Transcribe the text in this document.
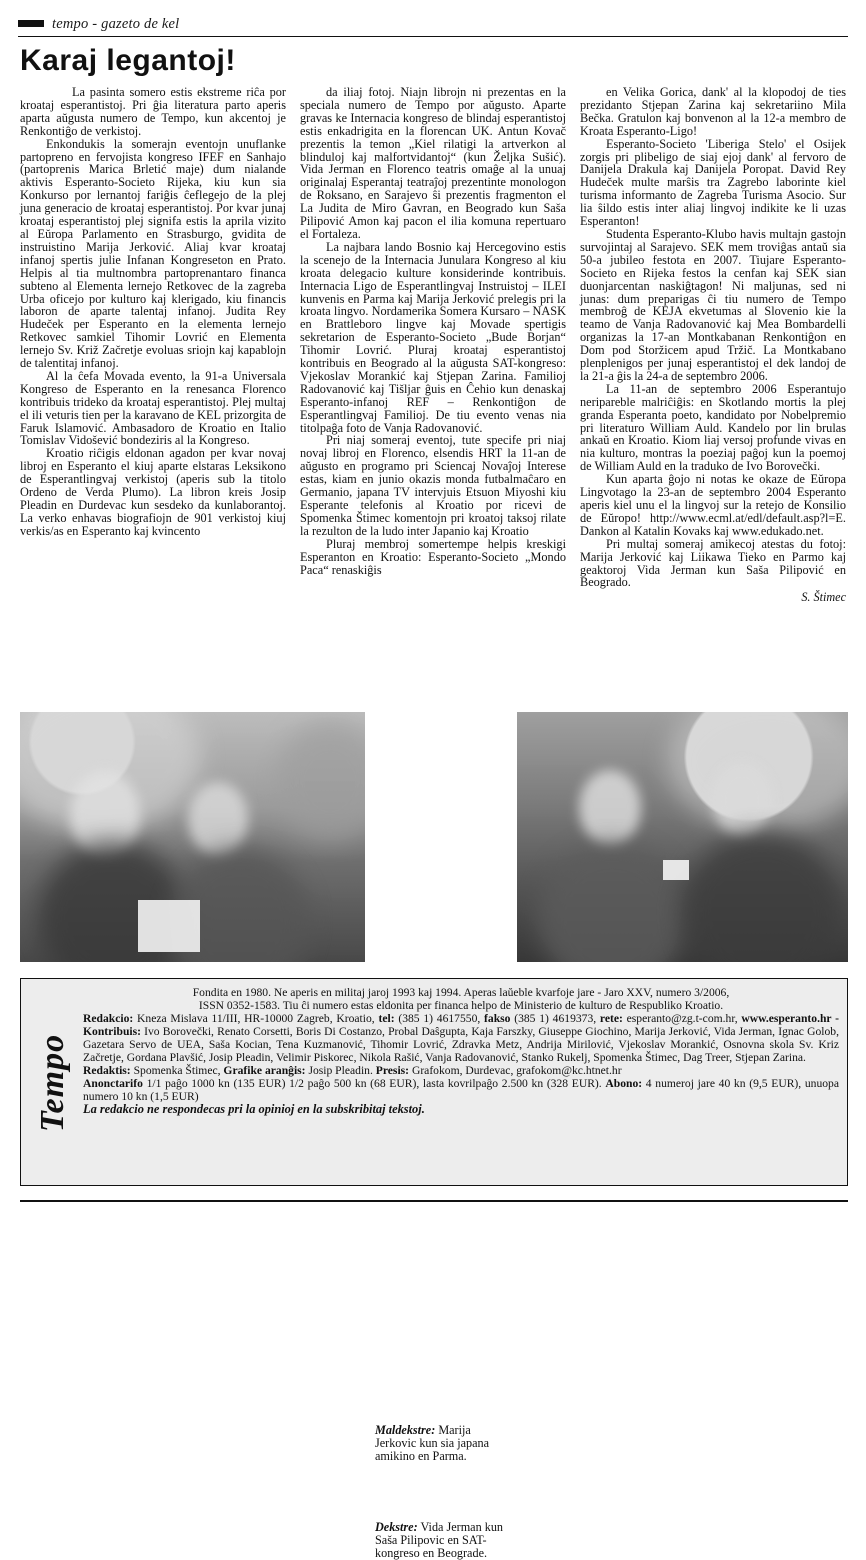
tempo - gazeto de kel
Karaj legantoj!

La pasinta somero estis ekstreme riĉa por kroataj esperantistoj. Pri ĝia literatura parto aperis aparta aŭgusta numero de Tempo, kun akcentoj je Renkontiĝo de verkistoj.

Enkondukis la somerajn eventojn unuflanke partopreno en fervojista kongreso IFEF en Sanhajo (partoprenis Marica Brletić maje) dum nialande aktivis Esperanto-Societo Rijeka, kiu kun sia Konkurso por lernantoj fariĝis ĉeflegejo de la plej juna generacio de kroataj esperantistoj. Por kvar junaj kroataj esperantistoj plej signifa estis la aprila vizito al Eŭropa Parlamento en Strasburgo, gvidita de instruistino Marija Jerković. Aliaj kvar kroataj infanoj spertis julie Infanan Kongreseton en Prato. Helpis al tia multnombra partoprenantaro financa subteno al Elementa lernejo Retkovec de la zagreba Urba oficejo por kulturo kaj klerigado, kiu financis laboron de aparte talentaj infanoj. Judita Rey Hudeček per Esperanto en la elementa lernejo Retkovec samkiel Tihomir Lovrić en Elementa lernejo Sv. Križ Začretje evoluas sriojn kaj kapablojn de talentitaj infanoj.

Al la ĉefa Movada evento, la 91-a Universala Kongreso de Esperanto en la renesanca Florenco kontribuis trideko da kroataj esperantistoj. Plej multaj el ili veturis tien per la karavano de KEL prizorgita de Faruk Islamović. Ambasadoro de Kroatio en Italio Tomislav Vidošević bondeziris al la Kongreso.

Kroatio riĉigis eldonan agadon per kvar novaj libroj en Esperanto el kiuj aparte elstaras Leksikono de Esperantlingvaj verkistoj (aperis sub la titolo Ordeno de Verda Plumo). La libron kreis Josip Pleadin en Durdevac kun sesdeko da kunlaborantoj. La verko enhavas biografiojn de 901 verkistoj kiuj verkis/as en Esperanto kaj kvincento

da iliaj fotoj. Niajn librojn ni prezentas en la speciala numero de Tempo por aŭgusto. Aparte gravas ke Internacia kongreso de blindaj esperantistoj estis enkadrigita en la florencan UK. Antun Kovač prezentis la temon „Kiel rilatigi la artverkon al blinduloj kaj malfortvidantoj“ (kun Željka Sušić). Vida Jerman en Florenco teatris omaĝe al la unuaj originalaj Esperantaj teatraĵoj prezentinte monologon de Roksano, en Sarajevo ŝi prezentis fragmenton el La Judita de Miro Gavran, en Beogrado kun Saša Pilipović Amon kaj pacon el ilia komuna repertuaro el Fortaleza.

La najbara lando Bosnio kaj Hercegovino estis la scenejo de la Internacia Junulara Kongreso al kiu kroata delegacio kulture konsiderinde kontribuis. Internacia Ligo de Esperantlingvaj Instruistoj – ILEI kunvenis en Parma kaj Marija Jerković prelegis pri la kroata lingvo. Nordamerika Somera Kursaro – NASK en Brattleboro lingve kaj Movade spertigis sekretarion de Esperanto-Societo „Bude Borjan“ Tihomir Lovrić. Pluraj kroataj esperantistoj kontribuis en Beogrado al la aŭgusta SAT-kongreso: Vjekoslav Morankić kaj Stjepan Zarina. Familioj Radovanović kaj Tišljar ĝuis en Ĉehio kun denaskaj Esperanto-infanoj REF – Renkontiĝon de Esperantlingvaj Familioj. De tiu evento venas nia titolpaĝa foto de Vanja Radovanović.

Pri niaj someraj eventoj, tute specife pri niaj novaj libroj en Florenco, elsendis HRT la 11-an de aŭgusto en programo pri Sciencaj Novaĵoj Interese estas, kiam en junio okazis monda futbalmaĉaro en Germanio, japana TV intervjuis Etsuon Miyoshi kiu Esperante telefonis al Kroatio por ricevi de Spomenka Štimec komentojn pri kroatoj taksoj rilate la rezulton de la ludo inter Japanio kaj Kroatio

Pluraj membroj somertempe helpis kreskigi Esperanton en Kroatio: Esperanto-Societo „Mondo Paca“ renaskiĝis

en Velika Gorica, dank' al la klopodoj de ties prezidanto Stjepan Zarina kaj sekretariino Mila Bečka. Gratulon kaj bonvenon al la 12-a membro de Kroata Esperanto-Ligo!

Esperanto-Societo 'Liberiga Stelo' el Osijek zorgis pri plibeligo de siaj ejoj dank' al fervoro de Danijela Drakula kaj Danijela Poropat. David Rey Hudeček multe marŝis tra Zagrebo laborinte kiel turisma informanto de Zagreba Turisma Asocio. Sur lia ŝildo estis inter aliaj lingvoj indikite ke li uzas Esperanton!

Studenta Esperanto-Klubo havis multajn gastojn survojintaj al Sarajevo. SEK mem troviĝas antaŭ sia 50-a jubileo festota en 2007. Tiujare Esperanto-Societo en Rijeka festos la cenfan kaj SEK sian duonjarcentan naskiĝtagon! Ni maljunas, sed ni junas: dum preparigas ĉi tiu numero de Tempo membroĝ de KEJA ekvetumas al Slovenio kie la teamo de Vanja Radovanović kaj Mea Bombardelli organizas la 17-an Montkabanan Renkontiĝon en Dom pod Storžicem apud Tržič. La Montkabano plenplenigos per junaj esperantistoj el dek landoj de la 21-a ĝis la 24-a de septembro 2006.

La 11-an de septembro 2006 Esperantujo neripareble malriĉiĝis: en Skotlando mortis la plej granda Esperanta poeto, kandidato por Nobelpremio pri literaturo William Auld. Kandelo por lin brulas ankaŭ en Kroatio. Kiom liaj versoj profunde vivas en nia kulturo, montras la poeziaj paĝoj kun la poemoj de William Auld en la traduko de Ivo Borovečki.

Kun aparta ĝojo ni notas ke okaze de Eŭropa Lingvotago la 23-an de septembro 2004 Esperanto aperis kiel unu el la lingvoj sur la retejo de Konsilio de Eŭropo! http://www.ecml.at/edl/default.asp?l=E. Dankon al Katalin Kovaks kaj www.edukado.net.

Pri multaj someraj amikecoj atestas du fotoj: Marija Jerković kaj Liikawa Tieko en Parmo kaj geaktoroj Vida Jerman kun Saša Pilipović en Beogrado.

S. Štimec

Maldekstre: Marija Jerkovic kun sia japana amikino en Parma.
Dekstre: Vida Jerman kun Saša Pilipovic en SAT-kongreso en Beograde.
Tempo

Fondita en 1980. Ne aperis en militaj jaroj 1993 kaj 1994. Aperas laŭeble kvarfoje jare - Jaro XXV, numero 3/2006,

ISSN 0352-1583. Tiu ĉi numero estas eldonita per financa helpo de Ministerio de kulturo de Respubliko Kroatio.

Redakcio: Kneza Mislava 11/III, HR-10000 Zagreb, Kroatio, tel: (385 1) 4617550, fakso (385 1) 4619373, rete: esperanto@zg.t-com.hr, www.esperanto.hr - Kontribuis: Ivo Borovečki, Renato Corsetti, Boris Di Costanzo, Probal Daŝgupta, Kaja Farszky, Giuseppe Giochino, Marija Jerković, Vida Jerman, Ignac Golob, Gazetara Servo de UEA, Saša Kocian, Tena Kuzmanović, Tihomir Lovrić, Zdravka Metz, Andrija Mirilović, Vjekoslav Morankić, Osnovna skola Sv. Kriz Začretje, Gordana Plavšić, Josip Pleadin, Velimir Piskorec, Nikola Rašić, Vanja Radovanović, Stanko Rukelj, Spomenka Štimec, Dag Treer, Stjepan Zarina.

Redaktis: Spomenka Štimec, Grafike aranĝis: Josip Pleadin. Presis: Grafokom, Durdevac, grafokom@kc.htnet.hr

Anonctarifo 1/1 paĝo 1000 kn (135 EUR) 1/2 paĝo 500 kn (68 EUR), lasta kovrilpaĝo 2.500 kn (328 EUR). Abono: 4 numeroj jare 40 kn (9,5 EUR), unuopa numero 10 kn (1,5 EUR)

La redakcio ne respondecas pri la opinioj en la subskribitaj tekstoj.
